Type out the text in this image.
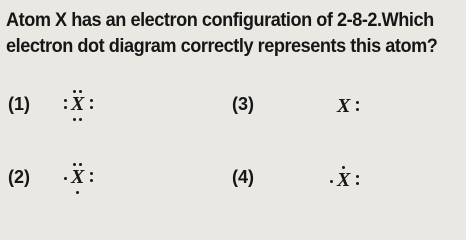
Atom X has an electron configuration of 2-8-2.Which
electron dot diagram correctly represents this atom?
(1) X
(2) X
(3)	X
(4)	X
